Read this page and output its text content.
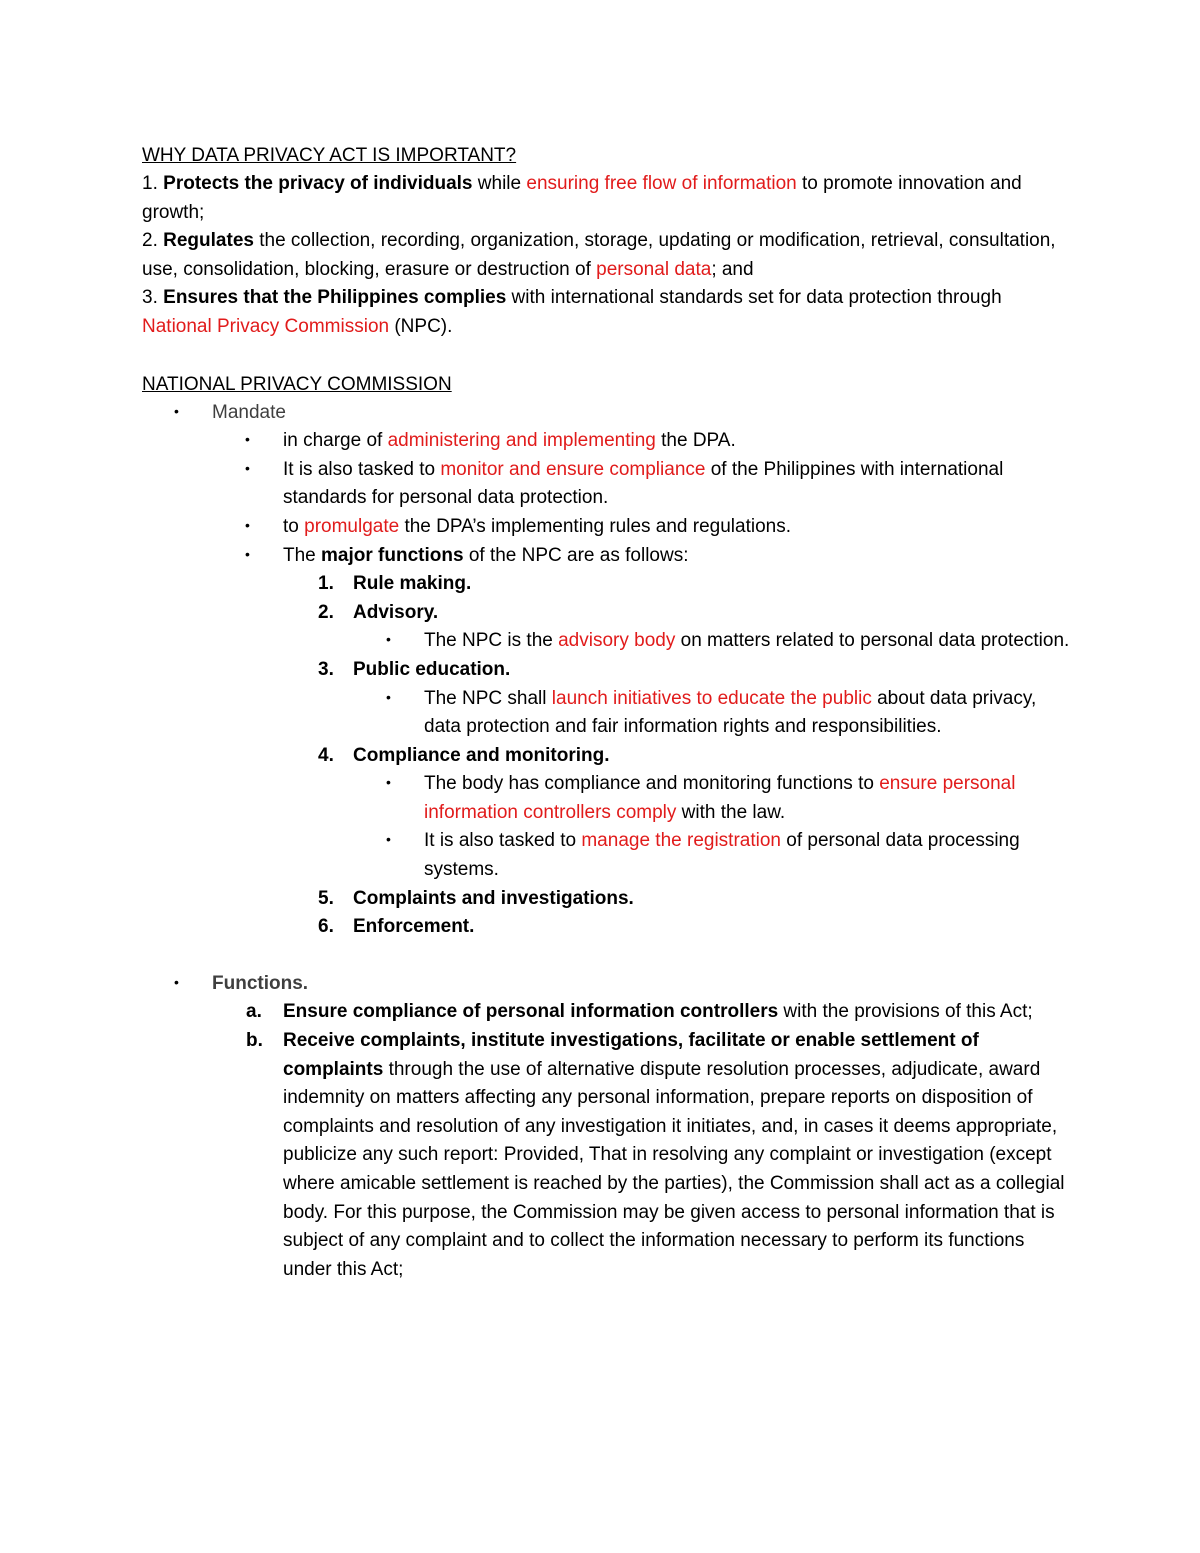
WHY DATA PRIVACY ACT IS IMPORTANT?

1. Protects the privacy of individuals while ensuring free flow of information to promote innovation and growth;

2. Regulates the collection, recording, organization, storage, updating or modification, retrieval, consultation, use, consolidation, blocking, erasure or destruction of personal data; and

3. Ensures that the Philippines complies with international standards set for data protection through National Privacy Commission (NPC).

NATIONAL PRIVACY COMMISSION
• Mandate
• in charge of administering and implementing the DPA.
• It is also tasked to monitor and ensure compliance of the Philippines with international standards for personal data protection.
• to promulgate the DPA’s implementing rules and regulations.
• The major functions of the NPC are as follows:
1. Rule making.
2. Advisory.
• The NPC is the advisory body on matters related to personal data protection.
3. Public education.
• The NPC shall launch initiatives to educate the public about data privacy, data protection and fair information rights and responsibilities.
4. Compliance and monitoring.
• The body has compliance and monitoring functions to ensure personal information controllers comply with the law.
• It is also tasked to manage the registration of personal data processing systems.
5. Complaints and investigations.
6. Enforcement.
• Functions.
a. Ensure compliance of personal information controllers with the provisions of this Act;
b. Receive complaints, institute investigations, facilitate or enable settlement of complaints through the use of alternative dispute resolution processes, adjudicate, award indemnity on matters affecting any personal information, prepare reports on disposition of complaints and resolution of any investigation it initiates, and, in cases it deems appropriate, publicize any such report: Provided, That in resolving any complaint or investigation (except where amicable settlement is reached by the parties), the Commission shall act as a collegial body. For this purpose, the Commission may be given access to personal information that is subject of any complaint and to collect the information necessary to perform its functions under this Act;
